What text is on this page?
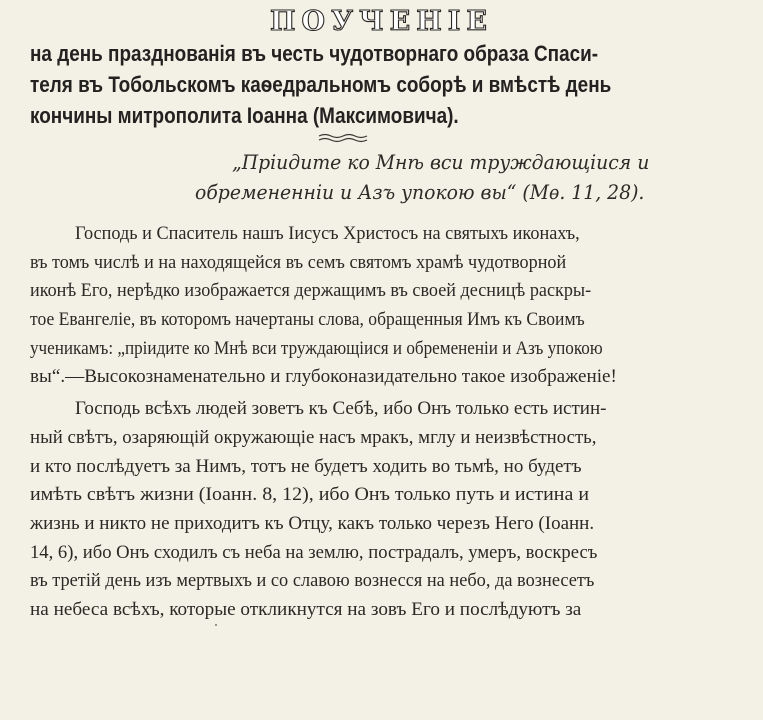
ПОУЧЕНІЕ
на день празднованія въ честь чудотворнаго образа Спаси-
теля въ Тобольскомъ каѳедральномъ соборѣ и вмѣстѣ день
кончины митрополита Іоанна (Максимовича).
„Пріидите ко Мнѣ вси труждающіися и
обремененніи и Азъ упокою вы“ (Мѳ. 11, 28).
Господь и Спаситель нашъ Іисусъ Христосъ на святыхъ иконахъ,
въ томъ числѣ и на находящейся въ семъ святомъ храмѣ чудотворной
иконѣ Его, нерѣдко изображается держащимъ въ своей десницѣ раскры-
тое Евангеліе, въ которомъ начертаны слова, обращенныя Имъ къ Своимъ
ученикамъ: „пріидите ко Мнѣ вси труждающіися и обремененіи и Азъ упокою
вы“.—Высокознаменательно и глубоконазидательно такое изображеніе!
Господь всѣхъ людей зоветъ къ Себѣ, ибо Онъ только есть истин-
ный свѣтъ, озаряющій окружающіе насъ мракъ, мглу и неизвѣстность,
и кто послѣдуетъ за Нимъ, тотъ не будетъ ходить во тьмѣ, но будетъ
имѣть свѣтъ жизни (Іоанн. 8, 12), ибо Онъ только путь и истина и
жизнь и никто не приходитъ къ Отцу, какъ только черезъ Него (Іоанн.
14, 6), ибо Онъ сходилъ съ неба на землю, пострадалъ, умеръ, воскресъ
въ третій день изъ мертвыхъ и со славою вознесся на небо, да вознесетъ
на небеса всѣхъ, которые откликнутся на зовъ Его и послѣдуютъ за
